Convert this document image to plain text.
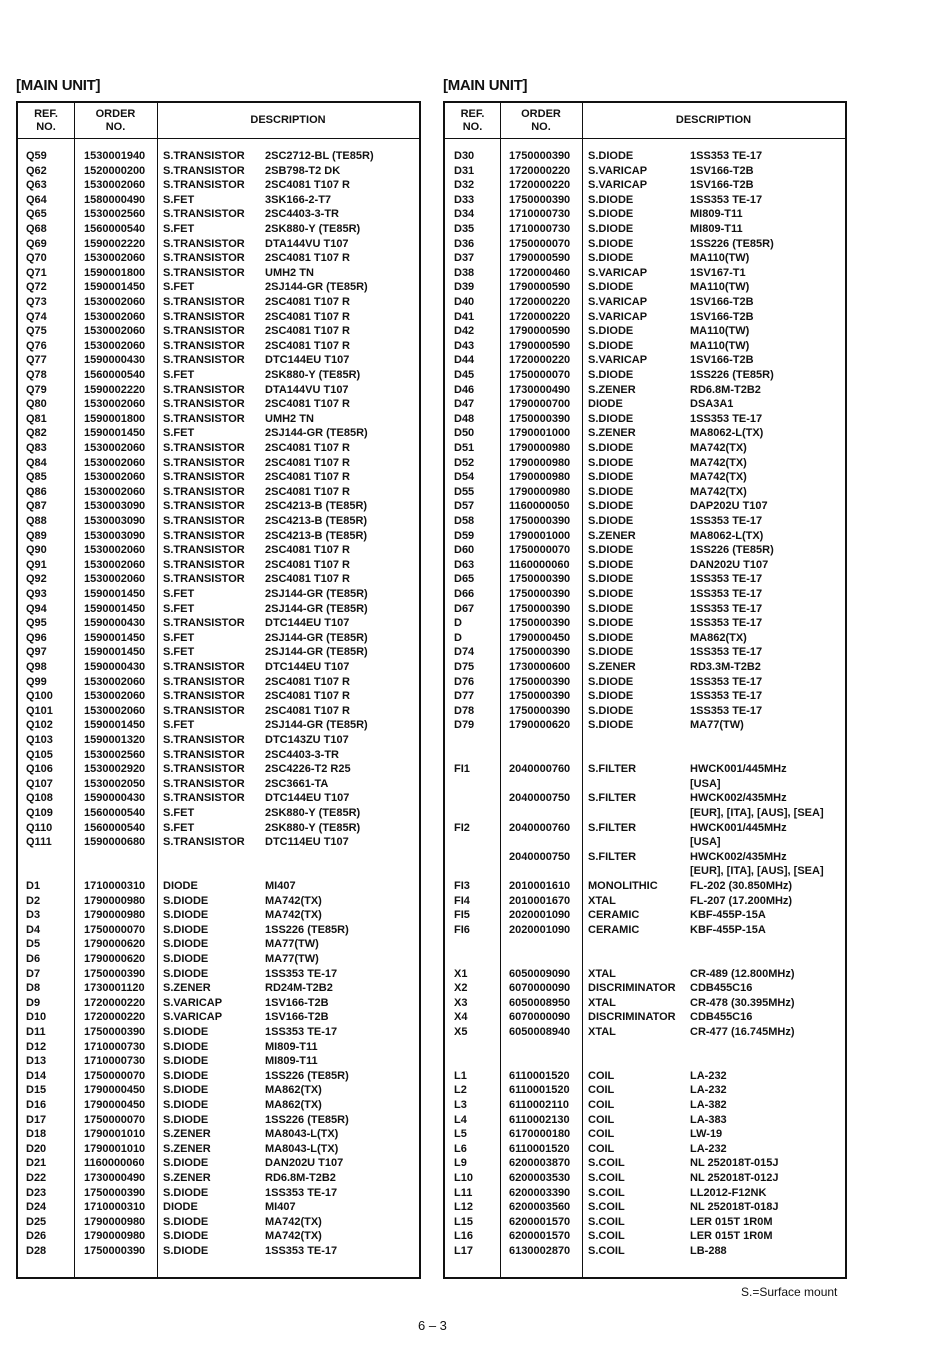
[MAIN UNIT]
REF.
NO.
ORDER
NO.
DESCRIPTION
Q59	1530001940 S.TRANSISTOR 2SC2712-BL (TE85R)
Q62	1520000200 S.TRANSISTOR 2SB798-T2 DK
Q63	1530002060 S.TRANSISTOR 2SC4081 T107 R
Q64	1580000490 S.FET	3SK166-2-T7
Q65	1530002560 S.TRANSISTOR 2SC4403-3-TR
Q68	1560000540 S.FET	2SK880-Y (TE85R)
Q69	1590002220 S.TRANSISTOR DTA144VU T107
Q70	1530002060 S.TRANSISTOR 2SC4081 T107 R
Q71	1590001800 S.TRANSISTOR UMH2 TN
Q72	1590001450 S.FET	2SJ144-GR (TE85R)
Q73	1530002060 S.TRANSISTOR 2SC4081 T107 R
Q74	1530002060 S.TRANSISTOR 2SC4081 T107 R
Q75	1530002060 S.TRANSISTOR 2SC4081 T107 R
Q76	1530002060 S.TRANSISTOR 2SC4081 T107 R
Q77	1590000430 S.TRANSISTOR DTC144EU T107
Q78	1560000540 S.FET	2SK880-Y (TE85R)
Q79	1590002220 S.TRANSISTOR DTA144VU T107
Q80	1530002060 S.TRANSISTOR 2SC4081 T107 R
Q81	1590001800 S.TRANSISTOR UMH2 TN
Q82	1590001450 S.FET	2SJ144-GR (TE85R)
Q83	1530002060 S.TRANSISTOR 2SC4081 T107 R
Q84	1530002060 S.TRANSISTOR 2SC4081 T107 R
Q85	1530002060 S.TRANSISTOR 2SC4081 T107 R
Q86	1530002060 S.TRANSISTOR 2SC4081 T107 R
Q87	1530003090 S.TRANSISTOR 2SC4213-B (TE85R)
Q88	1530003090 S.TRANSISTOR 2SC4213-B (TE85R)
Q89	1530003090 S.TRANSISTOR 2SC4213-B (TE85R)
Q90	1530002060 S.TRANSISTOR 2SC4081 T107 R
Q91	1530002060 S.TRANSISTOR 2SC4081 T107 R
Q92	1530002060 S.TRANSISTOR 2SC4081 T107 R
Q93	1590001450 S.FET	2SJ144-GR (TE85R)
Q94	1590001450 S.FET	2SJ144-GR (TE85R)
Q95	1590000430 S.TRANSISTOR DTC144EU T107
Q96	1590001450 S.FET	2SJ144-GR (TE85R)
Q97	1590001450 S.FET	2SJ144-GR (TE85R)
Q98	1590000430 S.TRANSISTOR DTC144EU T107
Q99	1530002060 S.TRANSISTOR 2SC4081 T107 R
Q100	1530002060 S.TRANSISTOR 2SC4081 T107 R
Q101	1530002060 S.TRANSISTOR 2SC4081 T107 R
Q102	1590001450 S.FET	2SJ144-GR (TE85R)
Q103	1590001320 S.TRANSISTOR DTC143ZU T107
Q105	1530002560 S.TRANSISTOR 2SC4403-3-TR
Q106	1530002920 S.TRANSISTOR 2SC4226-T2 R25
Q107	1530002050 S.TRANSISTOR 2SC3661-TA
Q108	1590000430 S.TRANSISTOR DTC144EU T107
Q109	1560000540 S.FET	2SK880-Y (TE85R)
Q110	1560000540 S.FET	2SK880-Y (TE85R)
Q111	1590000680 S.TRANSISTOR DTC114EU T107
D1	1710000310 DIODE	MI407
D2	1790000980 S.DIODE	MA742(TX)
D3	1790000980 S.DIODE	MA742(TX)
D4	1750000070 S.DIODE	1SS226 (TE85R)
D5	1790000620 S.DIODE	MA77(TW)
D6	1790000620 S.DIODE	MA77(TW)
D7	1750000390 S.DIODE	1SS353 TE-17
D8	1730001120 S.ZENER	RD24M-T2B2
D9	1720000220 S.VARICAP	1SV166-T2B
D10	1720000220 S.VARICAP	1SV166-T2B
D11	1750000390 S.DIODE	1SS353 TE-17
D12	1710000730 S.DIODE	MI809-T11
D13	1710000730 S.DIODE	MI809-T11
D14	1750000070 S.DIODE	1SS226 (TE85R)
D15	1790000450 S.DIODE	MA862(TX)
D16	1790000450 S.DIODE	MA862(TX)
D17	1750000070 S.DIODE	1SS226 (TE85R)
D18	1790001010 S.ZENER	MA8043-L(TX)
D20	1790001010 S.ZENER	MA8043-L(TX)
D21	1160000060 S.DIODE	DAN202U T107
D22	1730000490 S.ZENER	RD6.8M-T2B2
D23	1750000390 S.DIODE	1SS353 TE-17
D24	1710000310 DIODE	MI407
D25	1790000980 S.DIODE	MA742(TX)
D26	1790000980 S.DIODE	MA742(TX)
D28	1750000390 S.DIODE	1SS353 TE-17
[MAIN UNIT]
REF.
NO.
ORDER
NO.
DESCRIPTION
D30	1750000390 S.DIODE	1SS353 TE-17
D31	1720000220 S.VARICAP	1SV166-T2B
D32	1720000220 S.VARICAP	1SV166-T2B
D33	1750000390 S.DIODE	1SS353 TE-17
D34	1710000730 S.DIODE	MI809-T11
D35	1710000730 S.DIODE	MI809-T11
D36	1750000070 S.DIODE	1SS226 (TE85R)
D37	1790000590 S.DIODE	MA110(TW)
D38	1720000460 S.VARICAP	1SV167-T1
D39	1790000590 S.DIODE	MA110(TW)
D40	1720000220 S.VARICAP	1SV166-T2B
D41	1720000220 S.VARICAP	1SV166-T2B
D42	1790000590 S.DIODE	MA110(TW)
D43	1790000590 S.DIODE	MA110(TW)
D44	1720000220 S.VARICAP	1SV166-T2B
D45	1750000070 S.DIODE	1SS226 (TE85R)
D46	1730000490 S.ZENER	RD6.8M-T2B2
D47	1790000700 DIODE	DSA3A1
D48	1750000390 S.DIODE	1SS353 TE-17
D50	1790001000 S.ZENER	MA8062-L(TX)
D51	1790000980 S.DIODE	MA742(TX)
D52	1790000980 S.DIODE	MA742(TX)
D54	1790000980 S.DIODE	MA742(TX)
D55	1790000980 S.DIODE	MA742(TX)
D57	1160000050 S.DIODE	DAP202U T107
D58	1750000390 S.DIODE	1SS353 TE-17
D59	1790001000 S.ZENER	MA8062-L(TX)
D60	1750000070 S.DIODE	1SS226 (TE85R)
D63	1160000060 S.DIODE	DAN202U T107
D65	1750000390 S.DIODE	1SS353 TE-17
D66	1750000390 S.DIODE	1SS353 TE-17
D67	1750000390 S.DIODE	1SS353 TE-17
D	1750000390 S.DIODE	1SS353 TE-17
D	1790000450 S.DIODE	MA862(TX)
D74	1750000390 S.DIODE	1SS353 TE-17
D75	1730000600 S.ZENER	RD3.3M-T2B2
D76	1750000390 S.DIODE	1SS353 TE-17
D77	1750000390 S.DIODE	1SS353 TE-17
D78	1750000390 S.DIODE	1SS353 TE-17
D79	1790000620 S.DIODE	MA77(TW)
FI1	2040000760 S.FILTER	HWCK001/445MHz
[USA]
2040000750 S.FILTER	HWCK002/435MHz
[EUR], [ITA], [AUS], [SEA]
FI2	2040000760 S.FILTER	HWCK001/445MHz
[USA]
2040000750 S.FILTER	HWCK002/435MHz
[EUR], [ITA], [AUS], [SEA]
FI3	2010001610 MONOLITHIC	FL-202 (30.850MHz)
FI4	2010001670 XTAL	FL-207 (17.200MHz)
FI5	2020001090 CERAMIC	KBF-455P-15A
FI6	2020001090 CERAMIC	KBF-455P-15A
X1	6050009090 XTAL	CR-489 (12.800MHz)
X2	6070000090 DISCRIMINATOR CDB455C16
X3	6050008950 XTAL	CR-478 (30.395MHz)
X4	6070000090 DISCRIMINATOR CDB455C16
X5	6050008940 XTAL	CR-477 (16.745MHz)
L1	6110001520 COIL	LA-232
L2	6110001520 COIL	LA-232
L3	6110002110 COIL	LA-382
L4	6110002130 COIL	LA-383
L5	6170000180 COIL	LW-19
L6	6110001520 COIL	LA-232
L9	6200003870 S.COIL	NL 252018T-015J
L10	6200003530 S.COIL	NL 252018T-012J
L11	6200003390 S.COIL	LL2012-F12NK
L12	6200003560 S.COIL	NL 252018T-018J
L15	6200001570 S.COIL	LER 015T 1R0M
L16	6200001570 S.COIL	LER 015T 1R0M
L17	6130002870 S.COIL	LB-288
S.=Surface mount
6 – 3
